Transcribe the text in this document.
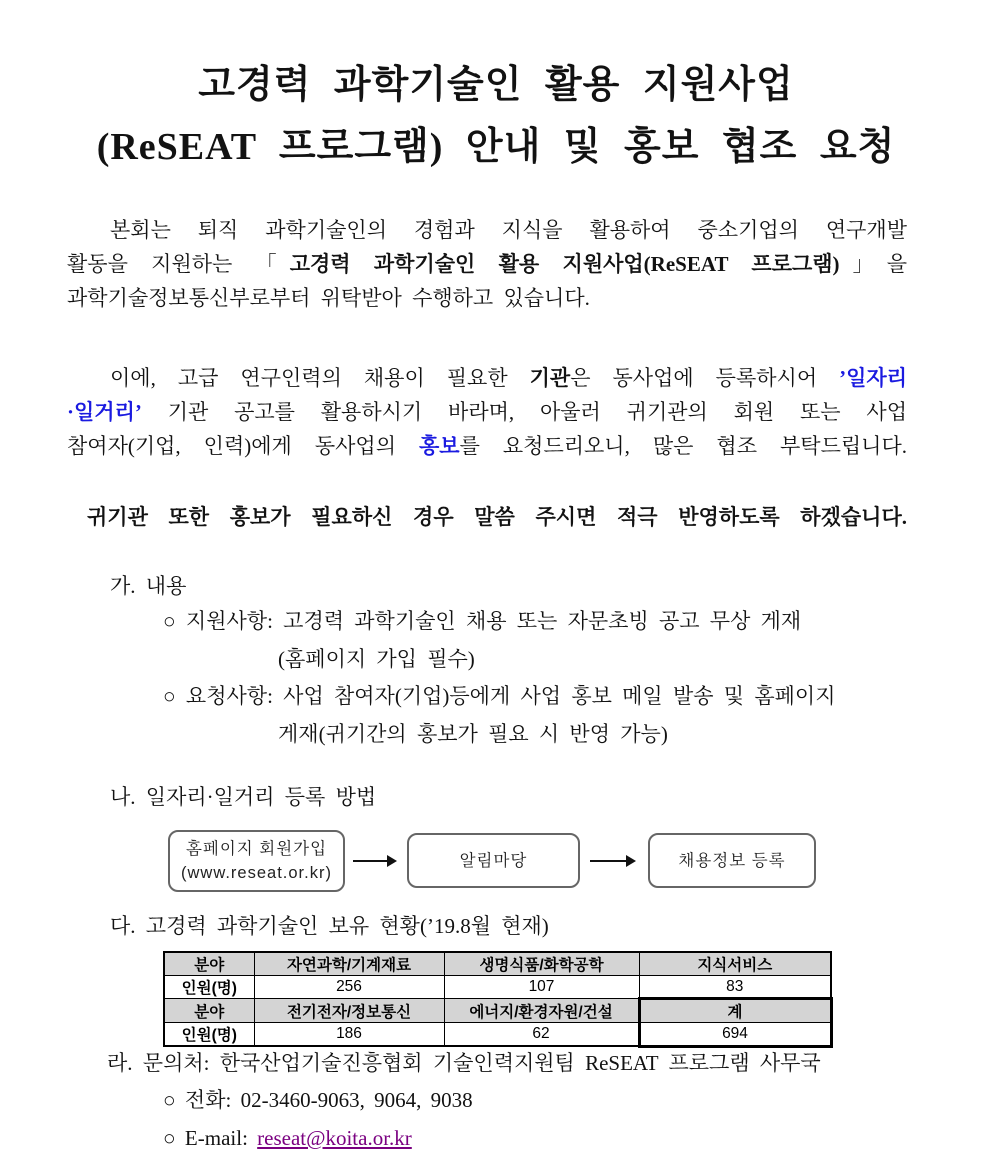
고경력 과학기술인 활용 지원사업
(ReSEAT 프로그램) 안내 및 홍보 협조 요청
본회는 퇴직 과학기술인의 경험과 지식을 활용하여 중소기업의 연구개발
활동을 지원하는 「고경력 과학기술인 활용 지원사업(ReSEAT 프로그램)」을
과학기술정보통신부로부터 위탁받아 수행하고 있습니다.
이에, 고급 연구인력의 채용이 필요한 기관은 동사업에 등록하시어 ’일자리
·일거리’ 기관 공고를 활용하시기 바라며, 아울러 귀기관의 회원 또는 사업
참여자(기업, 인력)에게 동사업의 홍보를 요청드리오니, 많은 협조 부탁드립니다.
귀기관 또한 홍보가 필요하신 경우 말씀 주시면 적극 반영하도록 하겠습니다.
가. 내용
○ 지원사항: 고경력 과학기술인 채용 또는 자문초빙 공고 무상 게재
(홈페이지 가입 필수)
○ 요청사항: 사업 참여자(기업)등에게 사업 홍보 메일 발송 및 홈페이지
게재(귀기간의 홍보가 필요 시 반영 가능)
나. 일자리·일거리 등록 방법
홈페이지 회원가입
(www.reseat.or.kr)
알림마당	채용정보 등록
다. 고경력 과학기술인 보유 현황(’19.8월 현재)
분야	자연과학/기계재료	생명식품/화학공학	지식서비스
인원(명)	256	107	83
분야	전기전자/정보통신	에너지/환경자원/건설	계
인원(명)	186	62	694
라. 문의처: 한국산업기술진흥협회 기술인력지원팀 ReSEAT 프로그램 사무국
○ 전화: 02-3460-9063, 9064, 9038
○ E-mail: reseat@koita.or.kr
